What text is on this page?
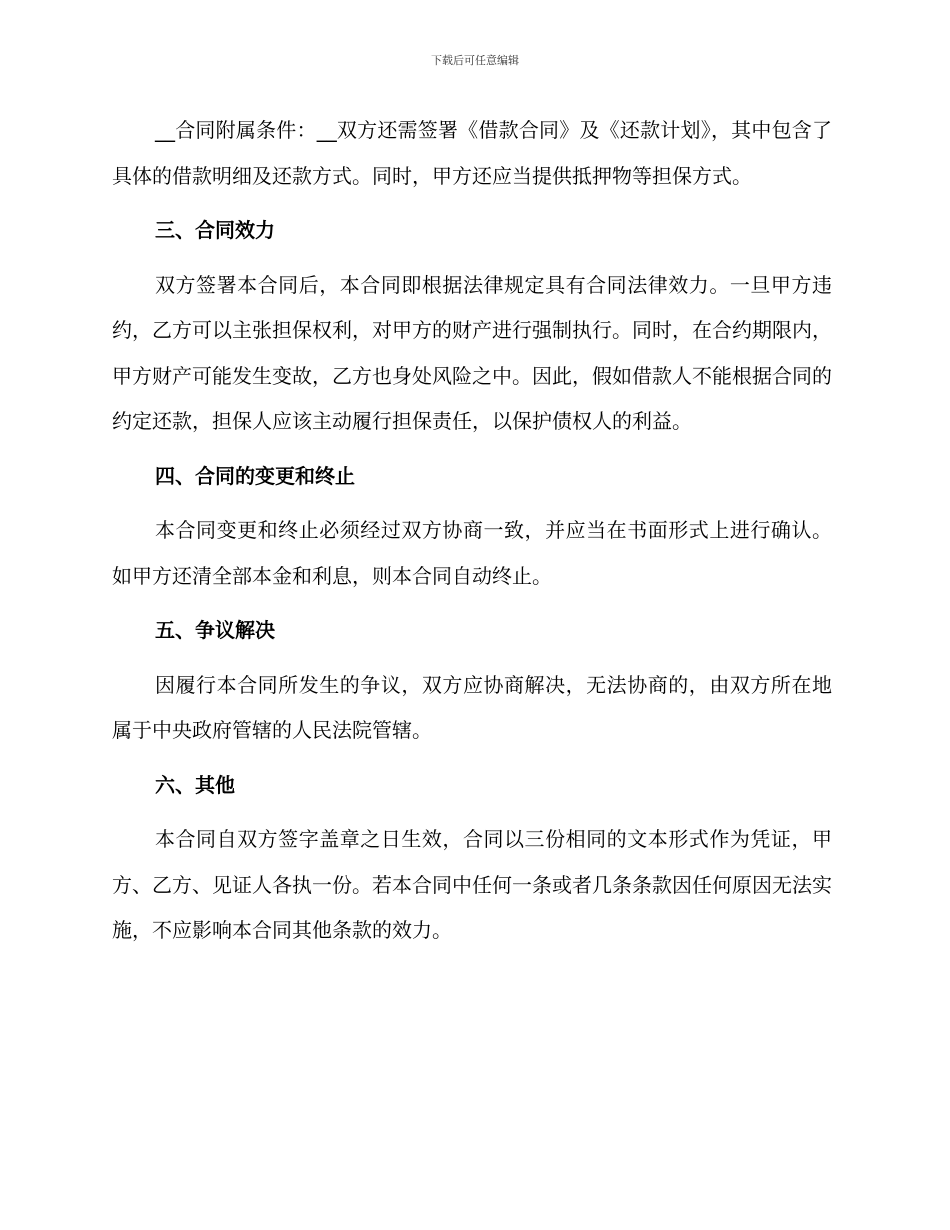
下载后可任意编辑

__合同附属条件：__双方还需签署《借款合同》及《还款计划》，其中包含了具体的借款明细及还款方式。同时，甲方还应当提供抵押物等担保方式。

三、合同效力

双方签署本合同后，本合同即根据法律规定具有合同法律效力。一旦甲方违约，乙方可以主张担保权利，对甲方的财产进行强制执行。同时，在合约期限内，甲方财产可能发生变故，乙方也身处风险之中。因此，假如借款人不能根据合同的约定还款，担保人应该主动履行担保责任，以保护债权人的利益。

四、合同的变更和终止

本合同变更和终止必须经过双方协商一致，并应当在书面形式上进行确认。如甲方还清全部本金和利息，则本合同自动终止。

五、争议解决

因履行本合同所发生的争议，双方应协商解决，无法协商的，由双方所在地属于中央政府管辖的人民法院管辖。

六、其他

本合同自双方签字盖章之日生效，合同以三份相同的文本形式作为凭证，甲方、乙方、见证人各执一份。若本合同中任何一条或者几条条款因任何原因无法实施，不应影响本合同其他条款的效力。
